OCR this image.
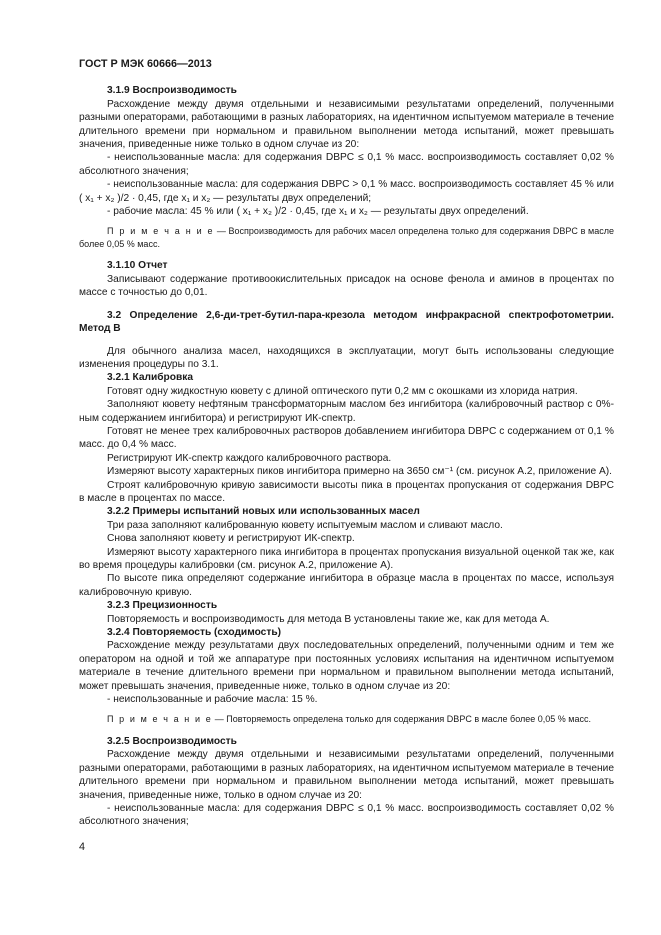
ГОСТ Р МЭК 60666—2013

3.1.9 Воспроизводимость

Расхождение между двумя отдельными и независимыми результатами определений, полученными разными операторами, работающими в разных лабораториях, на идентичном испытуемом материале в течение длительного времени при нормальном и правильном выполнении метода испытаний, может превышать значения, приведенные ниже только в одном случае из 20:

- неиспользованные масла: для содержания DBPC ≤ 0,1 % масс. воспроизводимость составляет 0,02 % абсолютного значения;

- неиспользованные масла: для содержания DBPC > 0,1 % масс. воспроизводимость составляет 45 % или ( x₁ + x₂ )/2 · 0,45, где x₁ и x₂ — результаты двух определений;

- рабочие масла: 45 % или ( x₁ + x₂ )/2 · 0,45, где x₁ и x₂ — результаты двух определений.

П р и м е ч а н и е — Воспроизводимость для рабочих масел определена только для содержания DBPC в масле более 0,05 % масс.

3.1.10 Отчет

Записывают содержание противоокислительных присадок на основе фенола и аминов в процентах по массе с точностью до 0,01.

3.2 Определение 2,6-ди-трет-бутил-пара-крезола методом инфракрасной спектрофотометрии. Метод В

Для обычного анализа масел, находящихся в эксплуатации, могут быть использованы следующие изменения процедуры по 3.1.

3.2.1 Калибровка

Готовят одну жидкостную кювету с длиной оптического пути 0,2 мм с окошками из хлорида натрия.

Заполняют кювету нефтяным трансформаторным маслом без ингибитора (калибровочный раствор с 0%-ным содержанием ингибитора) и регистрируют ИК-спектр.

Готовят не менее трех калибровочных растворов добавлением ингибитора DBPC с содержанием от 0,1 % масс. до 0,4 % масс.

Регистрируют ИК-спектр каждого калибровочного раствора.

Измеряют высоту характерных пиков ингибитора примерно на 3650 см⁻¹ (см. рисунок А.2, приложение А).

Строят калибровочную кривую зависимости высоты пика в процентах пропускания от содержания DBPC в масле в процентах по массе.

3.2.2 Примеры испытаний новых или использованных масел

Три раза заполняют калиброванную кювету испытуемым маслом и сливают масло.

Снова заполняют кювету и регистрируют ИК-спектр.

Измеряют высоту характерного пика ингибитора в процентах пропускания визуальной оценкой так же, как во время процедуры калибровки (см. рисунок А.2, приложение А).

По высоте пика определяют содержание ингибитора в образце масла в процентах по массе, используя калибровочную кривую.

3.2.3 Прецизионность

Повторяемость и воспроизводимость для метода В установлены такие же, как для метода А.

3.2.4 Повторяемость (сходимость)

Расхождение между результатами двух последовательных определений, полученными одним и тем же оператором на одной и той же аппаратуре при постоянных условиях испытания на идентичном испытуемом материале в течение длительного времени при нормальном и правильном выполнении метода испытаний, может превышать значения, приведенные ниже, только в одном случае из 20:

- неиспользованные и рабочие масла: 15 %.

П р и м е ч а н и е — Повторяемость определена только для содержания DBPC в масле более 0,05 % масс.

3.2.5 Воспроизводимость

Расхождение между двумя отдельными и независимыми результатами определений, полученными разными операторами, работающими в разных лабораториях, на идентичном испытуемом материале в течение длительного времени при нормальном и правильном выполнении метода испытаний, может превышать значения, приведенные ниже, только в одном случае из 20:

- неиспользованные масла: для содержания DBPC ≤ 0,1 % масс. воспроизводимость составляет 0,02 % абсолютного значения;

4
